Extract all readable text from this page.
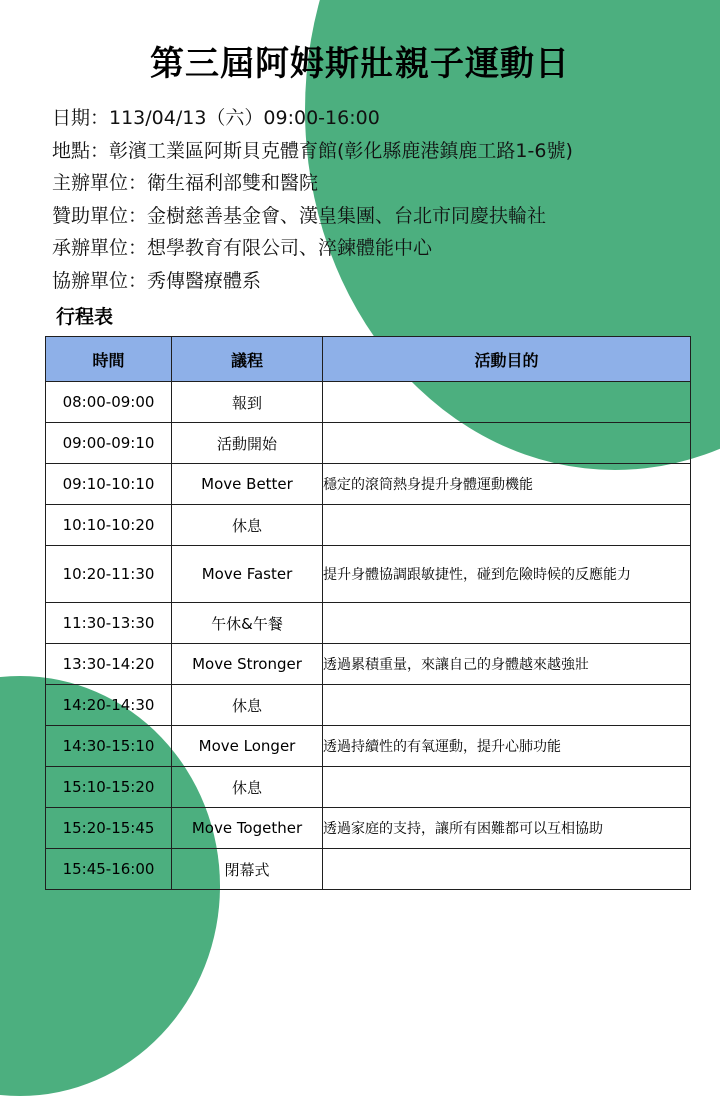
第三屆阿姆斯壯親子運動日
日期：113/04/13（六）09:00-16:00
地點：彰濱工業區阿斯貝克體育館(彰化縣鹿港鎮鹿工路1-6號)
主辦單位：衛生福利部雙和醫院
贊助單位：金樹慈善基金會、漢皇集團、台北市同慶扶輪社
承辦單位：想學教育有限公司、淬鍊體能中心
協辦單位：秀傳醫療體系
行程表
時間	議程	活動目的
08:00-09:00	報到	
09:00-09:10	活動開始	
09:10-10:10	Move Better	穩定的滾筒熱身提升身體運動機能
10:10-10:20	休息	
10:20-11:30	Move Faster	提升身體協調跟敏捷性，碰到危險時候的反應能力
11:30-13:30	午休&午餐	
13:30-14:20	Move Stronger	透過累積重量，來讓自己的身體越來越強壯
14:20-14:30	休息	
14:30-15:10	Move Longer	透過持續性的有氧運動，提升心肺功能
15:10-15:20	休息	
15:20-15:45	Move Together	透過家庭的支持，讓所有困難都可以互相協助
15:45-16:00	閉幕式	
